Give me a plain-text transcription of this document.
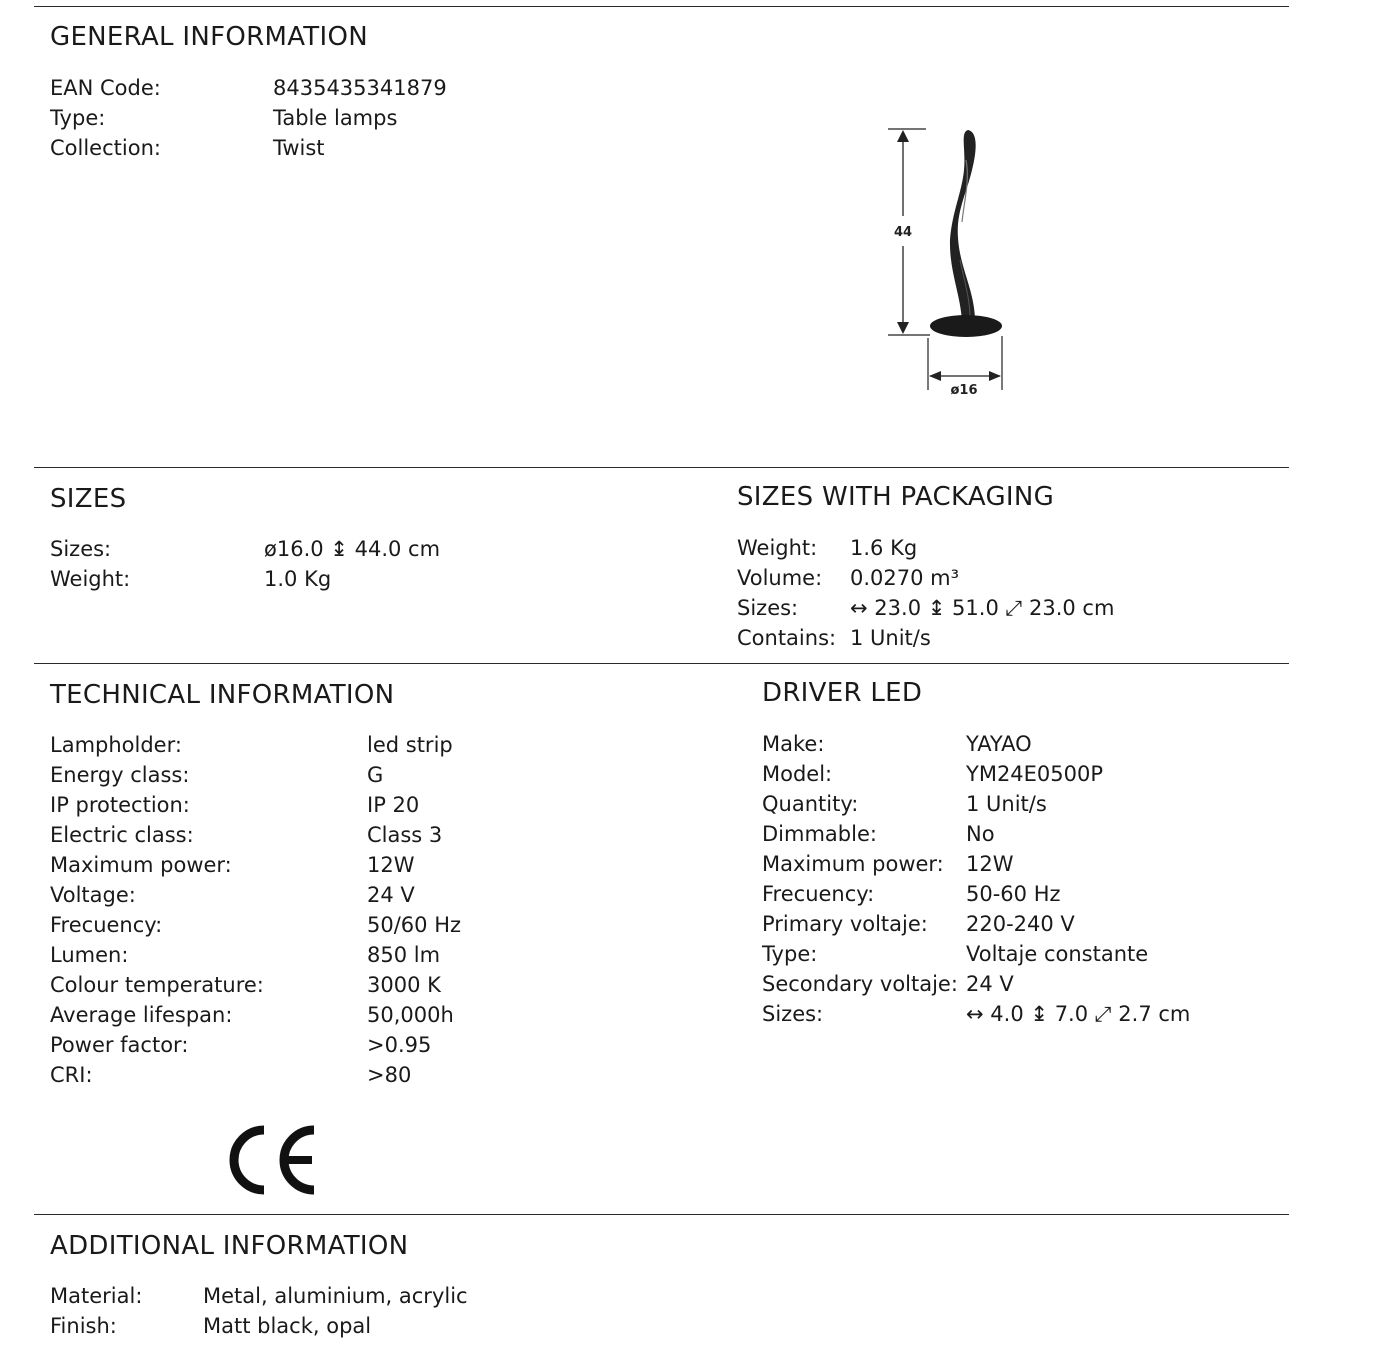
GENERAL INFORMATION
EAN Code:	8435435341879
Type:	Table lamps
Collection:	Twist
44
ø16
SIZES
Sizes:	ø16.0 ↨ 44.0 cm
Weight:	1.0 Kg
SIZES WITH PACKAGING
Weight:	1.6 Kg
Volume:	0.0270 m³
Sizes:	↔ 23.0 ↨ 51.0 ⤢ 23.0 cm
Contains: 1 Unit/s
TECHNICAL INFORMATION
Lampholder:	led strip
Energy class:	G
IP protection:	IP 20
Electric class:	Class 3
Maximum power:	12W
Voltage:	24 V
Frecuency:	50/60 Hz
Lumen:	850 lm
Colour temperature:	3000 K
Average lifespan:	50,000h
Power factor:	>0.95
CRI:	>80
DRIVER LED
Make:	YAYAO
Model:	YM24E0500P
Quantity:	1 Unit/s
Dimmable:	No
Maximum power:	12W
Frecuency:	50-60 Hz
Primary voltaje:	220-240 V
Type:	Voltaje constante
Secondary voltaje: 24 V
Sizes:	↔ 4.0 ↨ 7.0 ⤢ 2.7 cm
ADDITIONAL INFORMATION
Material:	Metal, aluminium, acrylic
Finish:	Matt black, opal
